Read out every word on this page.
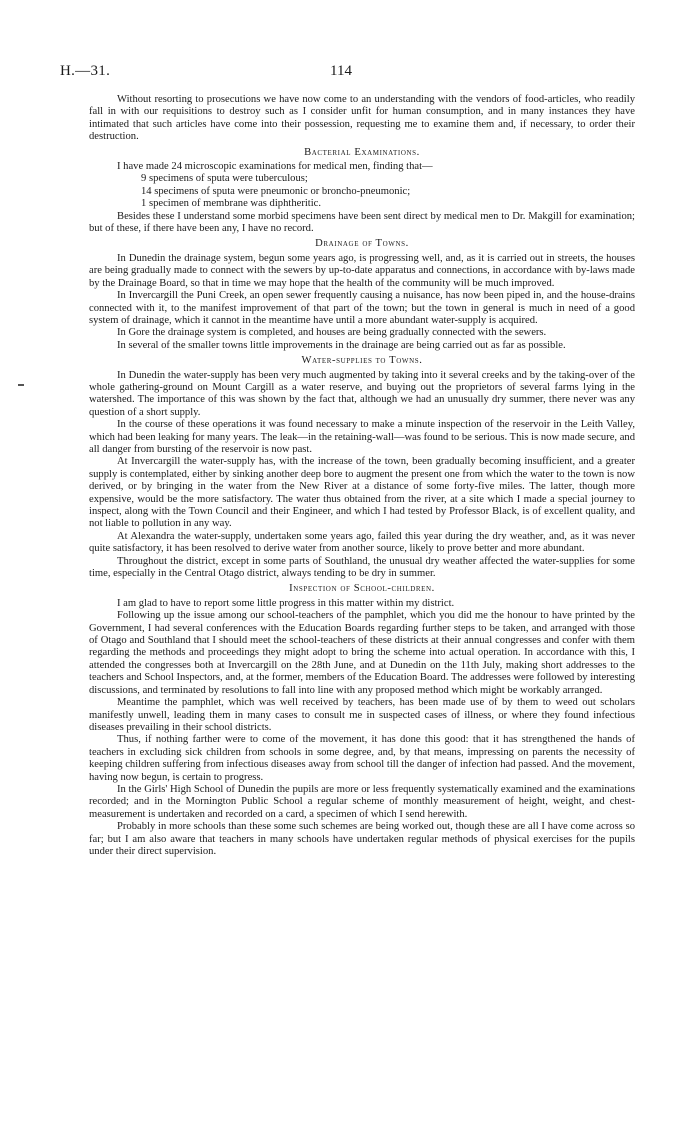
H.—31.	114

Without resorting to prosecutions we have now come to an understanding with the vendors of food-articles, who readily fall in with our requisitions to destroy such as I consider unfit for human consumption, and in many instances they have intimated that such articles have come into their possession, requesting me to examine them and, if necessary, to order their destruction.

Bacterial Examinations.

I have made 24 microscopic examinations for medical men, finding that—

9 specimens of sputa were tuberculous;
14 specimens of sputa were pneumonic or broncho-pneumonic;
1 specimen of membrane was diphtheritic.

Besides these I understand some morbid specimens have been sent direct by medical men to Dr. Makgill for examination; but of these, if there have been any, I have no record.

Drainage of Towns.

In Dunedin the drainage system, begun some years ago, is progressing well, and, as it is carried out in streets, the houses are being gradually made to connect with the sewers by up-to-date apparatus and connections, in accordance with by-laws made by the Drainage Board, so that in time we may hope that the health of the community will be much improved.

In Invercargill the Puni Creek, an open sewer frequently causing a nuisance, has now been piped in, and the house-drains connected with it, to the manifest improvement of that part of the town; but the town in general is much in need of a good system of drainage, which it cannot in the meantime have until a more abundant water-supply is acquired.

In Gore the drainage system is completed, and houses are being gradually connected with the sewers.

In several of the smaller towns little improvements in the drainage are being carried out as far as possible.

Water-supplies to Towns.

In Dunedin the water-supply has been very much augmented by taking into it several creeks and by the taking-over of the whole gathering-ground on Mount Cargill as a water reserve, and buying out the proprietors of several farms lying in the watershed. The importance of this was shown by the fact that, although we had an unusually dry summer, there never was any question of a short supply.

In the course of these operations it was found necessary to make a minute inspection of the reservoir in the Leith Valley, which had been leaking for many years. The leak—in the retaining-wall—was found to be serious. This is now made secure, and all danger from bursting of the reservoir is now past.

At Invercargill the water-supply has, with the increase of the town, been gradually becoming insufficient, and a greater supply is contemplated, either by sinking another deep bore to augment the present one from which the water to the town is now derived, or by bringing in the water from the New River at a distance of some forty-five miles. The latter, though more expensive, would be the more satisfactory. The water thus obtained from the river, at a site which I made a special journey to inspect, along with the Town Council and their Engineer, and which I had tested by Professor Black, is of excellent quality, and not liable to pollution in any way.

At Alexandra the water-supply, undertaken some years ago, failed this year during the dry weather, and, as it was never quite satisfactory, it has been resolved to derive water from another source, likely to prove better and more abundant.

Throughout the district, except in some parts of Southland, the unusual dry weather affected the water-supplies for some time, especially in the Central Otago district, always tending to be dry in summer.

Inspection of School-children.

I am glad to have to report some little progress in this matter within my district.

Following up the issue among our school-teachers of the pamphlet, which you did me the honour to have printed by the Government, I had several conferences with the Education Boards regarding further steps to be taken, and arranged with those of Otago and Southland that I should meet the school-teachers of these districts at their annual congresses and confer with them regarding the methods and proceedings they might adopt to bring the scheme into actual operation. In accordance with this, I attended the congresses both at Invercargill on the 28th June, and at Dunedin on the 11th July, making short addresses to the teachers and School Inspectors, and, at the former, members of the Education Board. The addresses were followed by interesting discussions, and terminated by resolutions to fall into line with any proposed method which might be workably arranged.

Meantime the pamphlet, which was well received by teachers, has been made use of by them to weed out scholars manifestly unwell, leading them in many cases to consult me in suspected cases of illness, or where they found infectious diseases prevailing in their school districts.

Thus, if nothing farther were to come of the movement, it has done this good: that it has strengthened the hands of teachers in excluding sick children from schools in some degree, and, by that means, impressing on parents the necessity of keeping children suffering from infectious diseases away from school till the danger of infection had passed. And the movement, having now begun, is certain to progress.

In the Girls' High School of Dunedin the pupils are more or less frequently systematically examined and the examinations recorded; and in the Mornington Public School a regular scheme of monthly measurement of height, weight, and chest-measurement is undertaken and recorded on a card, a specimen of which I send herewith.

Probably in more schools than these some such schemes are being worked out, though these are all I have come across so far; but I am also aware that teachers in many schools have undertaken regular methods of physical exercises for the pupils under their direct supervision.
